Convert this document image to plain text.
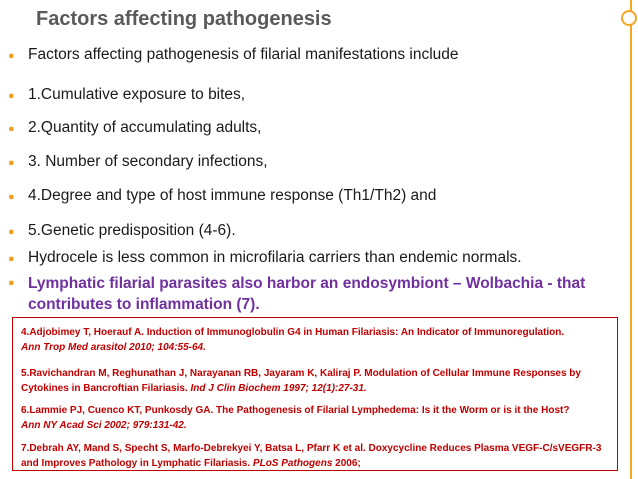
Factors affecting pathogenesis
● Factors affecting pathogenesis of filarial manifestations include
● 1.Cumulative exposure to bites,
● 2.Quantity of accumulating adults,
● 3. Number of secondary infections,
● 4.Degree and type of host immune response (Th1/Th2) and
● 5.Genetic predisposition (4-6).
● Hydrocele is less common in microfilaria carriers than endemic normals.
● Lymphatic filarial parasites also harbor an endosymbiont – Wolbachia - that contributes to inflammation (7).
4.Adjobimey T, Hoerauf A. Induction of Immunoglobulin G4 in Human Filariasis: An Indicator of Immunoregulation.
Ann Trop Med arasitol 2010; 104:55-64.
5.Ravichandran M, Reghunathan J, Narayanan RB, Jayaram K, Kaliraj P. Modulation of Cellular Immune Responses by Cytokines in Bancroftian Filariasis. Ind J Clin Biochem 1997; 12(1):27-31.
6.Lammie PJ, Cuenco KT, Punkosdy GA. The Pathogenesis of Filarial Lymphedema: Is it the Worm or is it the Host?
Ann NY Acad Sci 2002; 979:131-42.
7.Debrah AY, Mand S, Specht S, Marfo-Debrekyei Y, Batsa L, Pfarr K et al. Doxycycline Reduces Plasma VEGF-C/sVEGFR-3 and Improves Pathology in Lymphatic Filariasis. PLoS Pathogens 2006;
